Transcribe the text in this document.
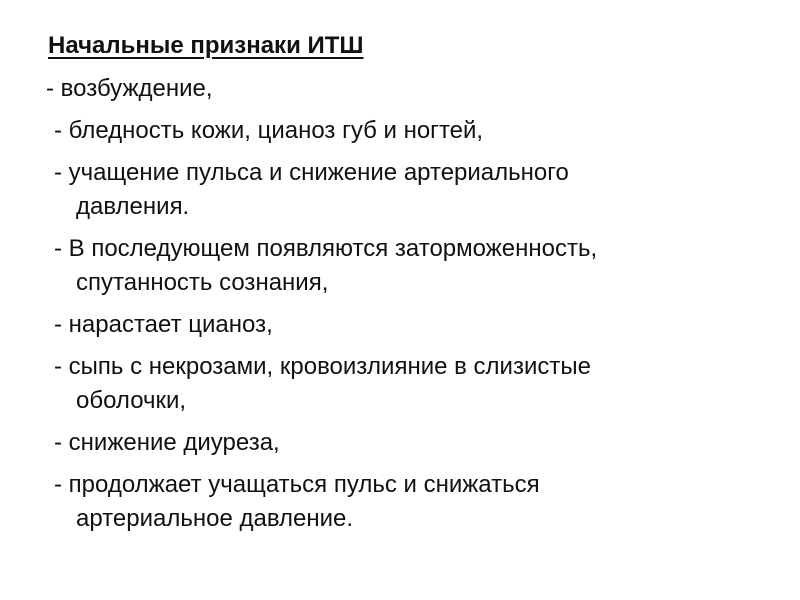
Начальные признаки ИТШ
- возбуждение,
- бледность кожи, цианоз губ и ногтей,
- учащение пульса и снижение артериального
давления.
- В последующем появляются заторможенность,
спутанность сознания,
- нарастает цианоз,
- сыпь с некрозами, кровоизлияние в слизистые
оболочки,
- снижение диуреза,
- продолжает учащаться пульс и снижаться
артериальное давление.
